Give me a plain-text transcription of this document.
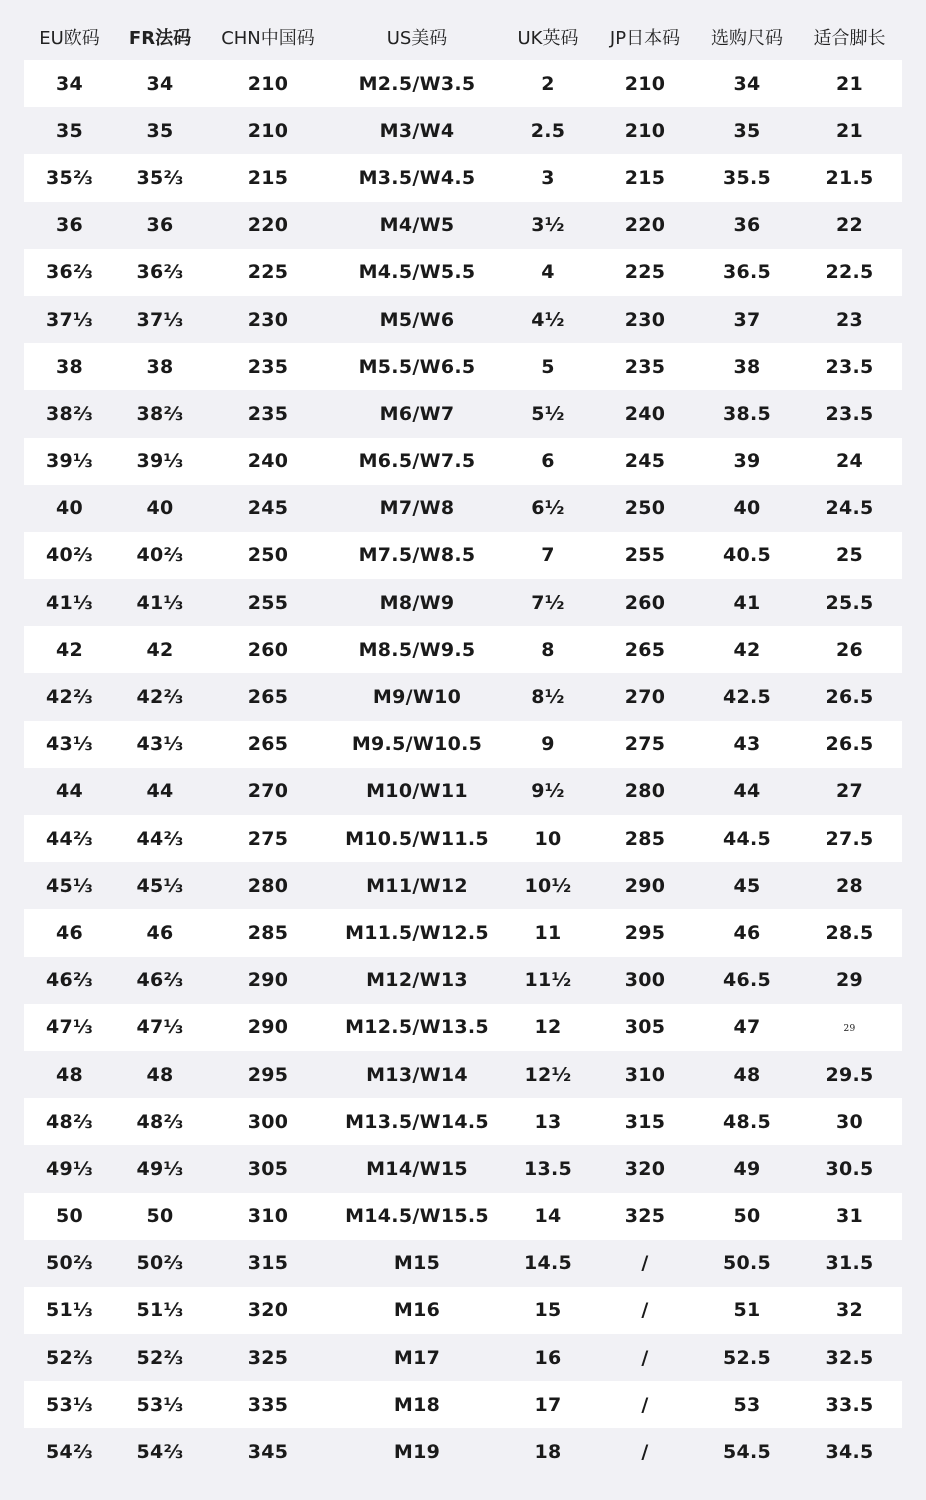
EU欧码	FR法码	CHN中国码	US美码	UK英码	JP日本码	选购尺码	适合脚长
34	34	210	M2.5/W3.5	2	210	34	21
35	35	210	M3/W4	2.5	210	35	21
35⅔	35⅔	215	M3.5/W4.5	3	215	35.5	21.5
36	36	220	M4/W5	3½	220	36	22
36⅔	36⅔	225	M4.5/W5.5	4	225	36.5	22.5
37⅓	37⅓	230	M5/W6	4½	230	37	23
38	38	235	M5.5/W6.5	5	235	38	23.5
38⅔	38⅔	235	M6/W7	5½	240	38.5	23.5
39⅓	39⅓	240	M6.5/W7.5	6	245	39	24
40	40	245	M7/W8	6½	250	40	24.5
40⅔	40⅔	250	M7.5/W8.5	7	255	40.5	25
41⅓	41⅓	255	M8/W9	7½	260	41	25.5
42	42	260	M8.5/W9.5	8	265	42	26
42⅔	42⅔	265	M9/W10	8½	270	42.5	26.5
43⅓	43⅓	265	M9.5/W10.5	9	275	43	26.5
44	44	270	M10/W11	9½	280	44	27
44⅔	44⅔	275	M10.5/W11.5	10	285	44.5	27.5
45⅓	45⅓	280	M11/W12	10½	290	45	28
46	46	285	M11.5/W12.5	11	295	46	28.5
46⅔	46⅔	290	M12/W13	11½	300	46.5	29
47⅓	47⅓	290	M12.5/W13.5	12	305	47	29
48	48	295	M13/W14	12½	310	48	29.5
48⅔	48⅔	300	M13.5/W14.5	13	315	48.5	30
49⅓	49⅓	305	M14/W15	13.5	320	49	30.5
50	50	310	M14.5/W15.5	14	325	50	31
50⅔	50⅔	315	M15	14.5	/	50.5	31.5
51⅓	51⅓	320	M16	15	/	51	32
52⅔	52⅔	325	M17	16	/	52.5	32.5
53⅓	53⅓	335	M18	17	/	53	33.5
54⅔	54⅔	345	M19	18	/	54.5	34.5
